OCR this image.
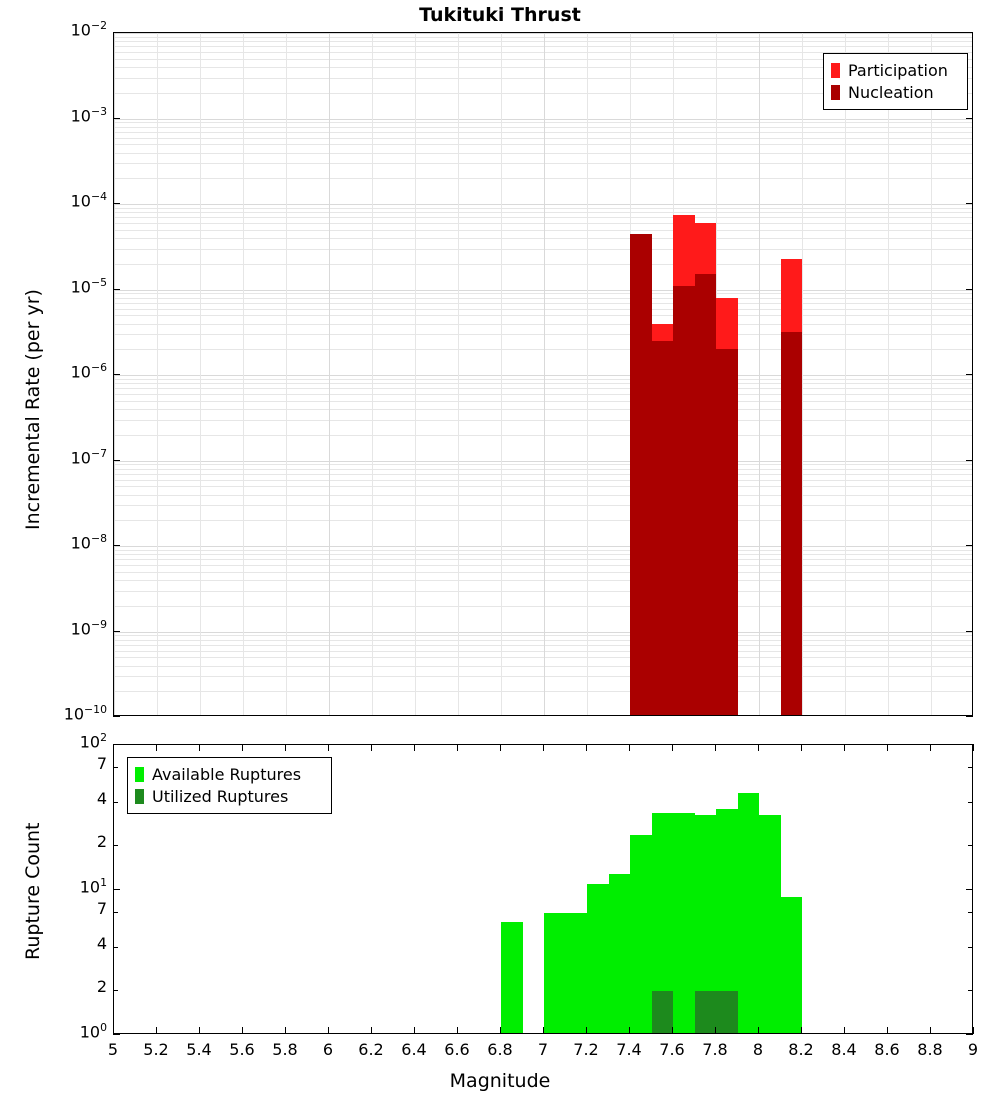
Tukituki Thrust
Incremental Rate (per yr)
Rupture Count
Magnitude
Participation
Nucleation
Available Ruptures
Utilized Ruptures
$10^{-2}$
$10^{-3}$
$10^{-4}$
$10^{-5}$
$10^{-6}$
$10^{-7}$
$10^{-8}$
$10^{-9}$
$10^{-10}$
$10^2$
7
4
2
$10^1$
7
4
2
$10^0$
5	5.2	5.4	5.6	5.8	6	6.2	6.4	6.6	6.8	7	7.2	7.4	7.6	7.8	8	8.2	8.4	8.6	8.8	9
